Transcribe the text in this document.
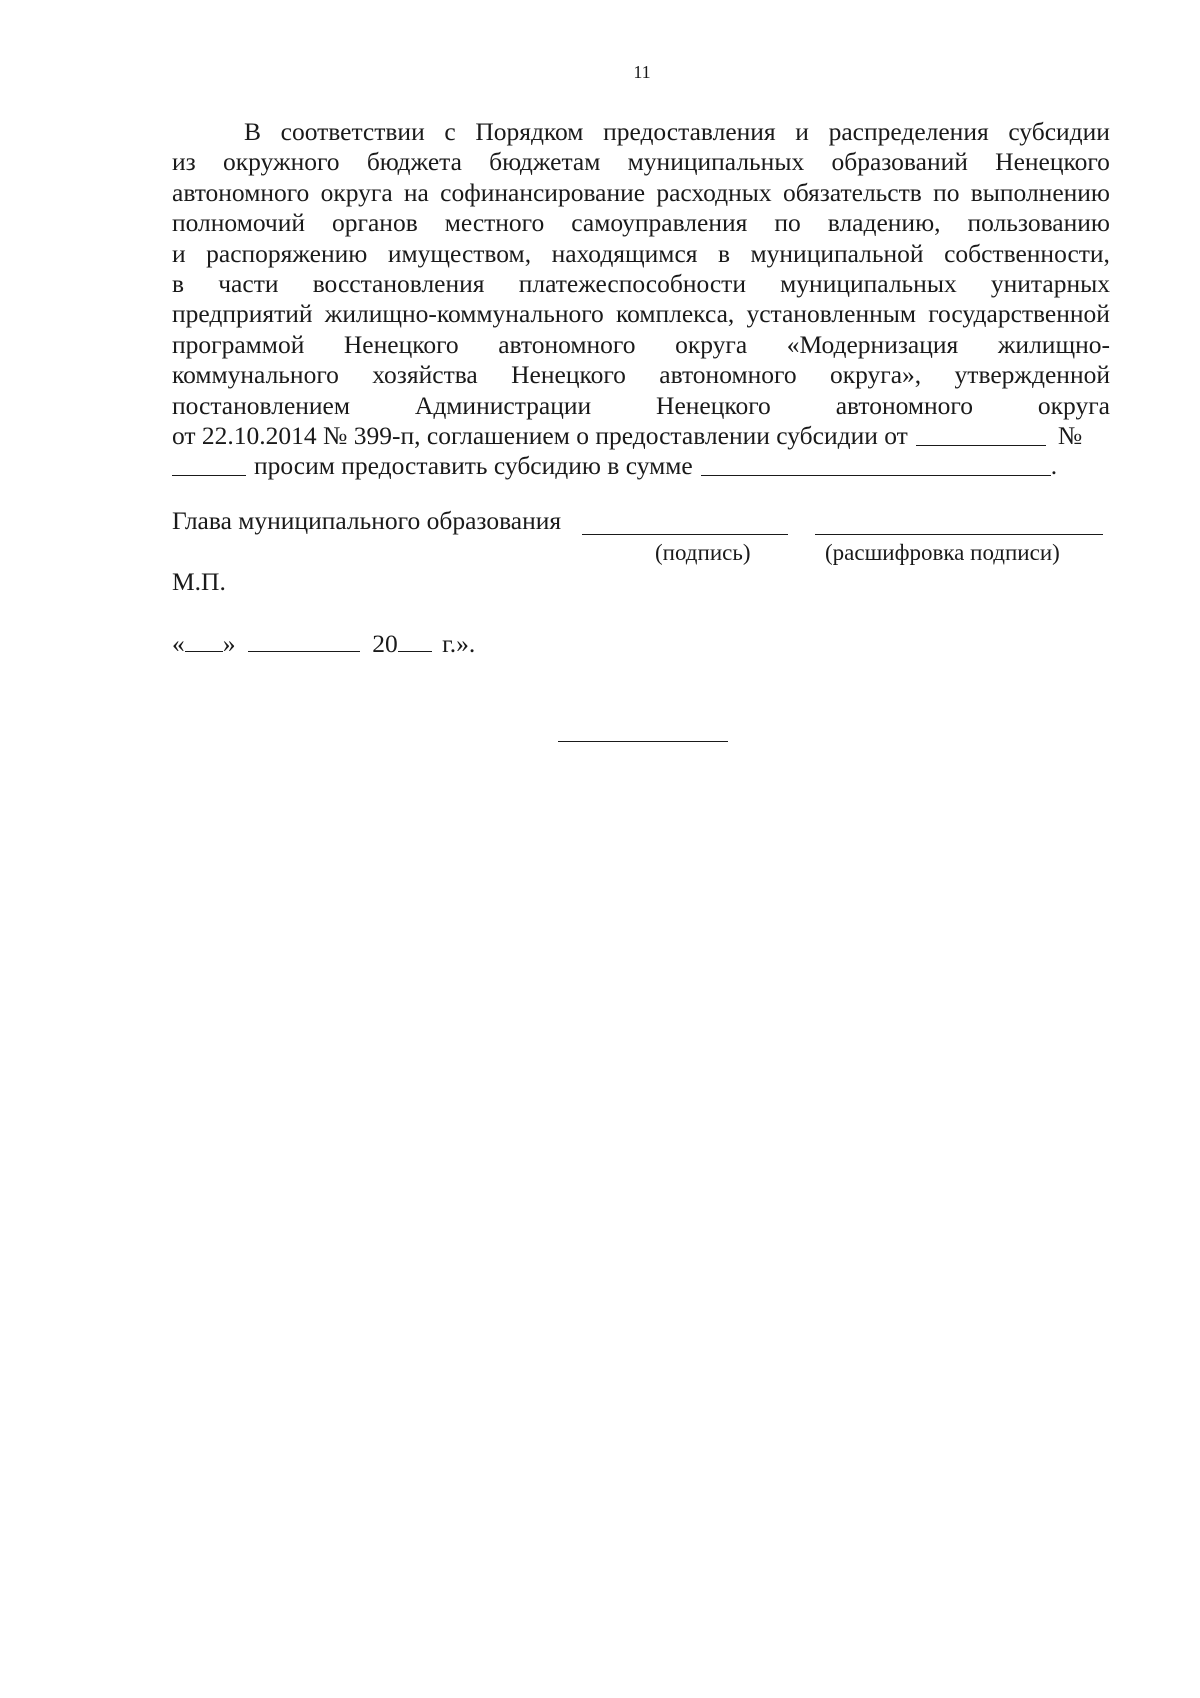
11
В соответствии с Порядком предоставления и распределения субсидии
из окружного бюджета бюджетам муниципальных образований Ненецкого
автономного округа на софинансирование расходных обязательств по выполнению
полномочий органов местного самоуправления по владению, пользованию
и распоряжению имуществом, находящимся в муниципальной собственности,
в части восстановления платежеспособности муниципальных унитарных
предприятий жилищно-коммунального комплекса, установленным государственной
программой Ненецкого автономного округа «Модернизация жилищно-
коммунального хозяйства Ненецкого автономного округа», утвержденной
постановлением	Администрации	Ненецкого	автономного	округа
от 22.10.2014 № 399-п, соглашением о предоставлении субсидии от	№
просим предоставить субсидию в сумме	.
Глава муниципального образования
(подпись)	(расшифровка подписи)
М.П.
« »	20 г.».
